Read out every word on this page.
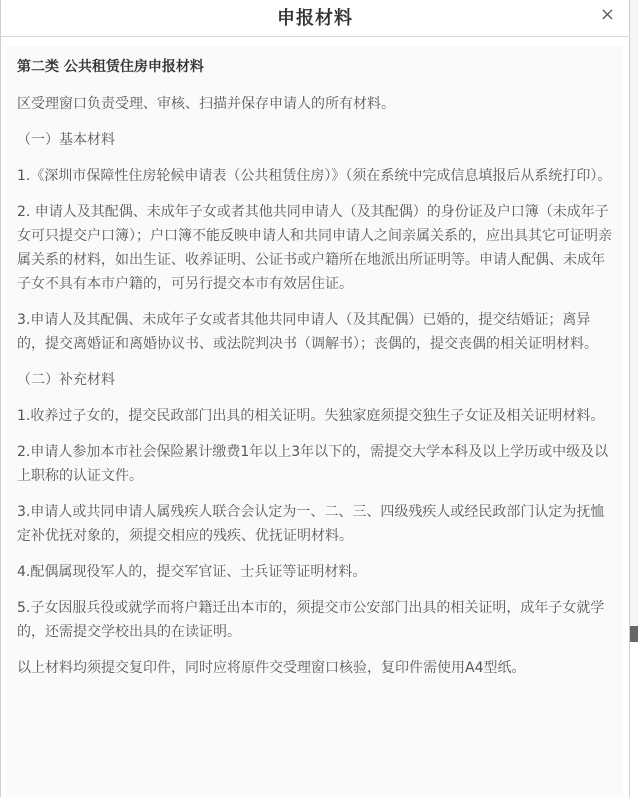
申报材料	×
第二类 公共租赁住房申报材料

区受理窗口负责受理、审核、扫描并保存申请人的所有材料。

（一）基本材料

1.《深圳市保障性住房轮候申请表（公共租赁住房）》（须在系统中完成信息填报后从系统打印）。

2. 申请人及其配偶、未成年子女或者其他共同申请人（及其配偶）的身份证及户口簿（未成年子女可只提交户口簿）；户口簿不能反映申请人和共同申请人之间亲属关系的，应出具其它可证明亲属关系的材料，如出生证、收养证明、公证书或户籍所在地派出所证明等。申请人配偶、未成年子女不具有本市户籍的，可另行提交本市有效居住证。

3.申请人及其配偶、未成年子女或者其他共同申请人（及其配偶）已婚的，提交结婚证；离异的，提交离婚证和离婚协议书、或法院判决书（调解书）；丧偶的，提交丧偶的相关证明材料。

（二）补充材料

1.收养过子女的，提交民政部门出具的相关证明。失独家庭须提交独生子女证及相关证明材料。

2.申请人参加本市社会保险累计缴费1年以上3年以下的，需提交大学本科及以上学历或中级及以上职称的认证文件。

3.申请人或共同申请人属残疾人联合会认定为一、二、三、四级残疾人或经民政部门认定为抚恤定补优抚对象的，须提交相应的残疾、优抚证明材料。

4.配偶属现役军人的，提交军官证、士兵证等证明材料。

5.子女因服兵役或就学而将户籍迁出本市的，须提交市公安部门出具的相关证明，成年子女就学的，还需提交学校出具的在读证明。

以上材料均须提交复印件，同时应将原件交受理窗口核验，复印件需使用A4型纸。
